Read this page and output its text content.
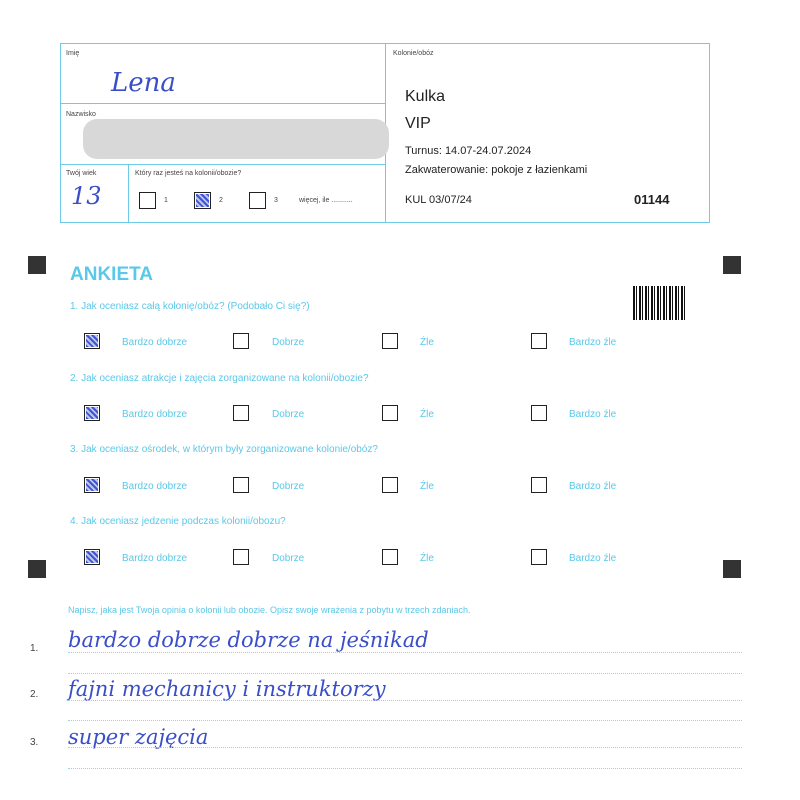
Imię
Lena
Nazwisko
Twój wiek
13
Który raz jesteś na kolonii/obozie?
1	2	3	więcej, ile ...........
Kolonie/obóz
Kulka
VIP
Turnus: 14.07-24.07.2024
Zakwaterowanie: pokoje z łazienkami
KUL 03/07/24	01144
ANKIETA
1. Jak oceniasz całą kolonię/obóz? (Podobało Ci się?)
Bardzo dobrze	Dobrze	Źle	Bardzo źle
2. Jak oceniasz atrakcje i zajęcia zorganizowane na kolonii/obozie?
Bardzo dobrze	Dobrze	Źle	Bardzo źle
3. Jak oceniasz ośrodek, w którym były zorganizowane kolonie/obóz?
Bardzo dobrze	Dobrze	Źle	Bardzo źle
4. Jak oceniasz jedzenie podczas kolonii/obozu?
Bardzo dobrze	Dobrze	Źle	Bardzo źle
Napisz, jaka jest Twoja opinia o kolonii lub obozie. Opisz swoje wrażenia z pobytu w trzech zdaniach.
1. bardzo dobrze dobrze na jeśnikad
2. fajni mechanicy i instruktorzy
3. super zajęcia
